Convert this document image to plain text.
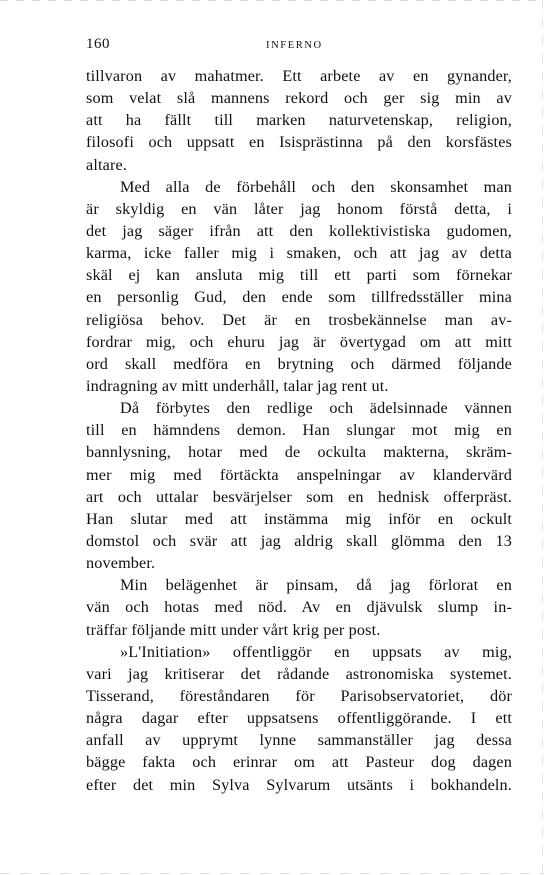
160	INFERNO
tillvaron av mahatmer. Ett arbete av en gynander,
som velat slå mannens rekord och ger sig min av
att ha fällt till marken naturvetenskap, religion,
filosofi och uppsatt en Isisprästinna på den korsfästes
altare.
Med alla de förbehåll och den skonsamhet man
är skyldig en vän låter jag honom förstå detta, i
det jag säger ifrån att den kollektivistiska gudomen,
karma, icke faller mig i smaken, och att jag av detta
skäl ej kan ansluta mig till ett parti som förnekar
en personlig Gud, den ende som tillfredsställer mina
religiösa behov. Det är en trosbekännelse man av-
fordrar mig, och ehuru jag är övertygad om att mitt
ord skall medföra en brytning och därmed följande
indragning av mitt underhåll, talar jag rent ut.
Då förbytes den redlige och ädelsinnade vännen
till en hämndens demon. Han slungar mot mig en
bannlysning, hotar med de ockulta makterna, skräm-
mer mig med förtäckta anspelningar av klandervärd
art och uttalar besvärjelser som en hednisk offerpräst.
Han slutar med att instämma mig inför en ockult
domstol och svär att jag aldrig skall glömma den 13
november.
Min belägenhet är pinsam, då jag förlorat en
vän och hotas med nöd. Av en djävulsk slump in-
träffar följande mitt under vårt krig per post.
»L'Initiation» offentliggör en uppsats av mig,
vari jag kritiserar det rådande astronomiska systemet.
Tisserand, föreståndaren för Parisobservatoriet, dör
några dagar efter uppsatsens offentliggörande. I ett
anfall av upprymt lynne sammanställer jag dessa
bägge fakta och erinrar om att Pasteur dog dagen
efter det min Sylva Sylvarum utsänts i bokhandeln.
